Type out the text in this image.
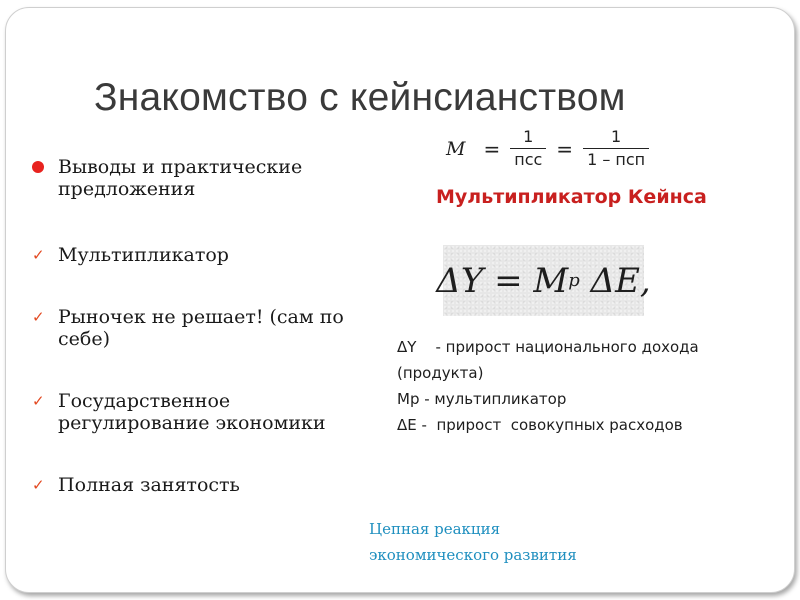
Знакомство с кейнсианством
Выводы и практические предложения
✓ Мультипликатор
✓ Рыночек не решает! (сам по себе)
✓ Государственное регулирование экономики
✓ Полная занятость
$M = \frac{1}{\text{псс}} = \frac{1}{\text{1 – псп}}$
Мультипликатор Кейнса
ΔY = M p ΔE,
ΔY    - прирост национального дохода
(продукта)
Мр - мультипликатор
ΔE -  прирост  совокупных расходов
Цепная реакция
экономического развития
